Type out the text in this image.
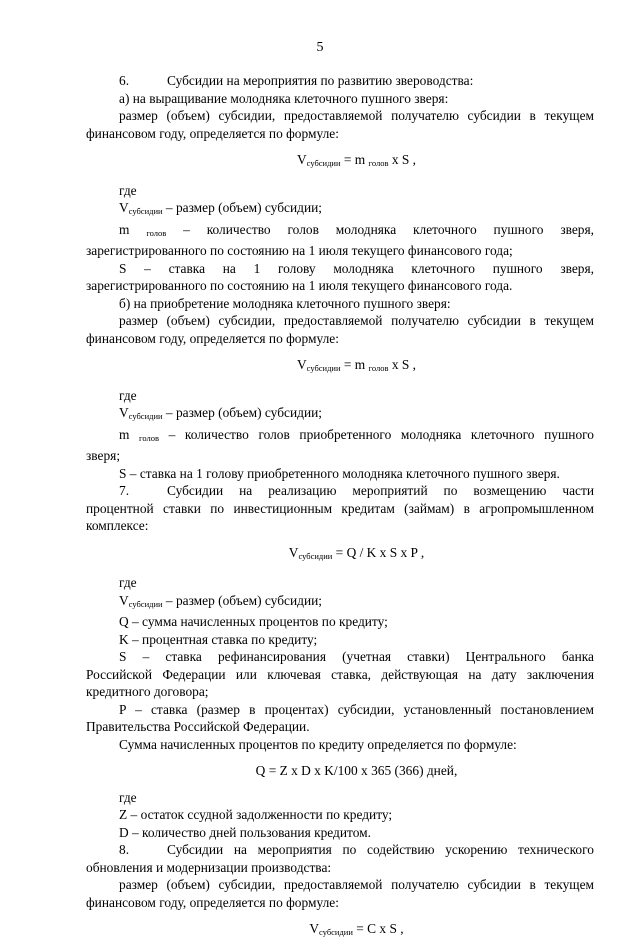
5

6.	Субсидии на мероприятия по развитию звероводства:

а) на выращивание молодняка клеточного пушного зверя:

размер (объем) субсидии, предоставляемой получателю субсидии в текущем

финансовом году, определяется по формуле:

$V_{субсидии} = m$ $_{голов}$ x S ,

где

$V_{субсидии}$ – размер (объем) субсидии;

m $_{голов}$ – количество голов молодняка клеточного пушного зверя,

зарегистрированного по состоянию на 1 июля текущего финансового года;

S – ставка на 1 голову молодняка клеточного пушного зверя,

зарегистрированного по состоянию на 1 июля текущего финансового года.

б) на приобретение молодняка клеточного пушного зверя:

размер (объем) субсидии, предоставляемой получателю субсидии в текущем

финансовом году, определяется по формуле:

$V_{субсидии} = m$ $_{голов}$ x S ,

где

$V_{субсидии}$ – размер (объем) субсидии;

m $_{голов}$ – количество голов приобретенного молодняка клеточного пушного

зверя;

S – ставка на 1 голову приобретенного молодняка клеточного пушного зверя.

7.	Субсидии на реализацию мероприятий по возмещению части

процентной ставки по инвестиционным кредитам (займам) в агропромышленном

комплексе:

$V_{субсидии} = Q / K$ x S x P ,

где

$V_{субсидии}$ – размер (объем) субсидии;

Q – сумма начисленных процентов по кредиту;

K – процентная ставка по кредиту;

S – ставка рефинансирования (учетная ставки) Центрального банка

Российской Федерации или ключевая ставка, действующая на дату заключения

кредитного договора;

P – ставка (размер в процентах) субсидии, установленный постановлением

Правительства Российской Федерации.

Сумма начисленных процентов по кредиту определяется по формуле:

Q = Z x D x K/100 x 365 (366) дней,

где

Z – остаток ссудной задолженности по кредиту;

D – количество дней пользования кредитом.

8.	Субсидии на мероприятия по содействию ускорению технического

обновления и модернизации производства:

размер (объем) субсидии, предоставляемой получателю субсидии в текущем

финансовом году, определяется по формуле:

$V_{субсидии} = C$ x S ,
